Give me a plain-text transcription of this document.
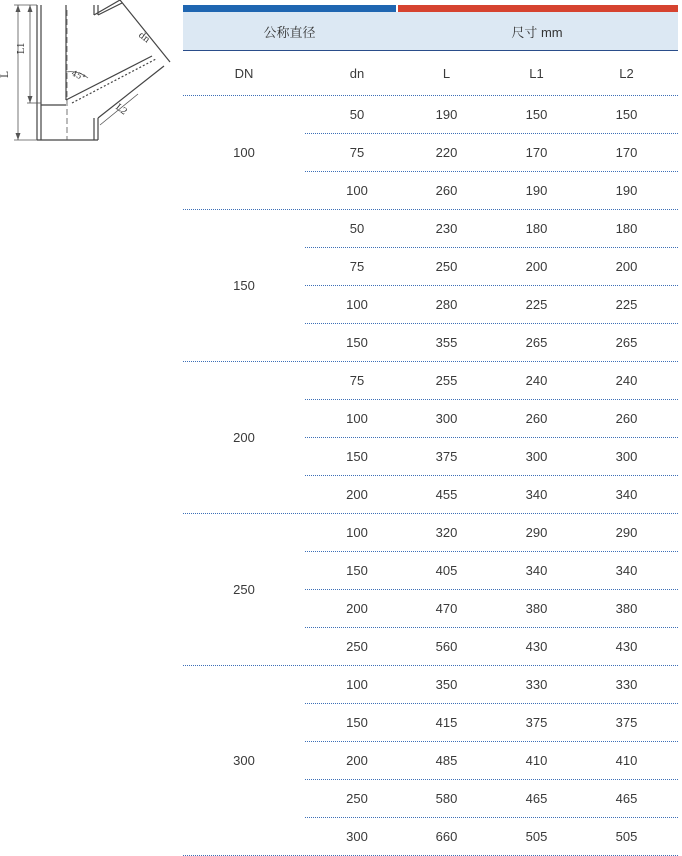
L
L1
L2
dn
45°
公称直径	尺寸 mm
DN	dn	L	L1	L2
100
50	190	150	150
75	220	170	170
100	260	190	190
150
50	230	180	180
75	250	200	200
100	280	225	225
150	355	265	265
200
75	255	240	240
100	300	260	260
150	375	300	300
200	455	340	340
250
100	320	290	290
150	405	340	340
200	470	380	380
250	560	430	430
300
100	350	330	330
150	415	375	375
200	485	410	410
250	580	465	465
300	660	505	505
